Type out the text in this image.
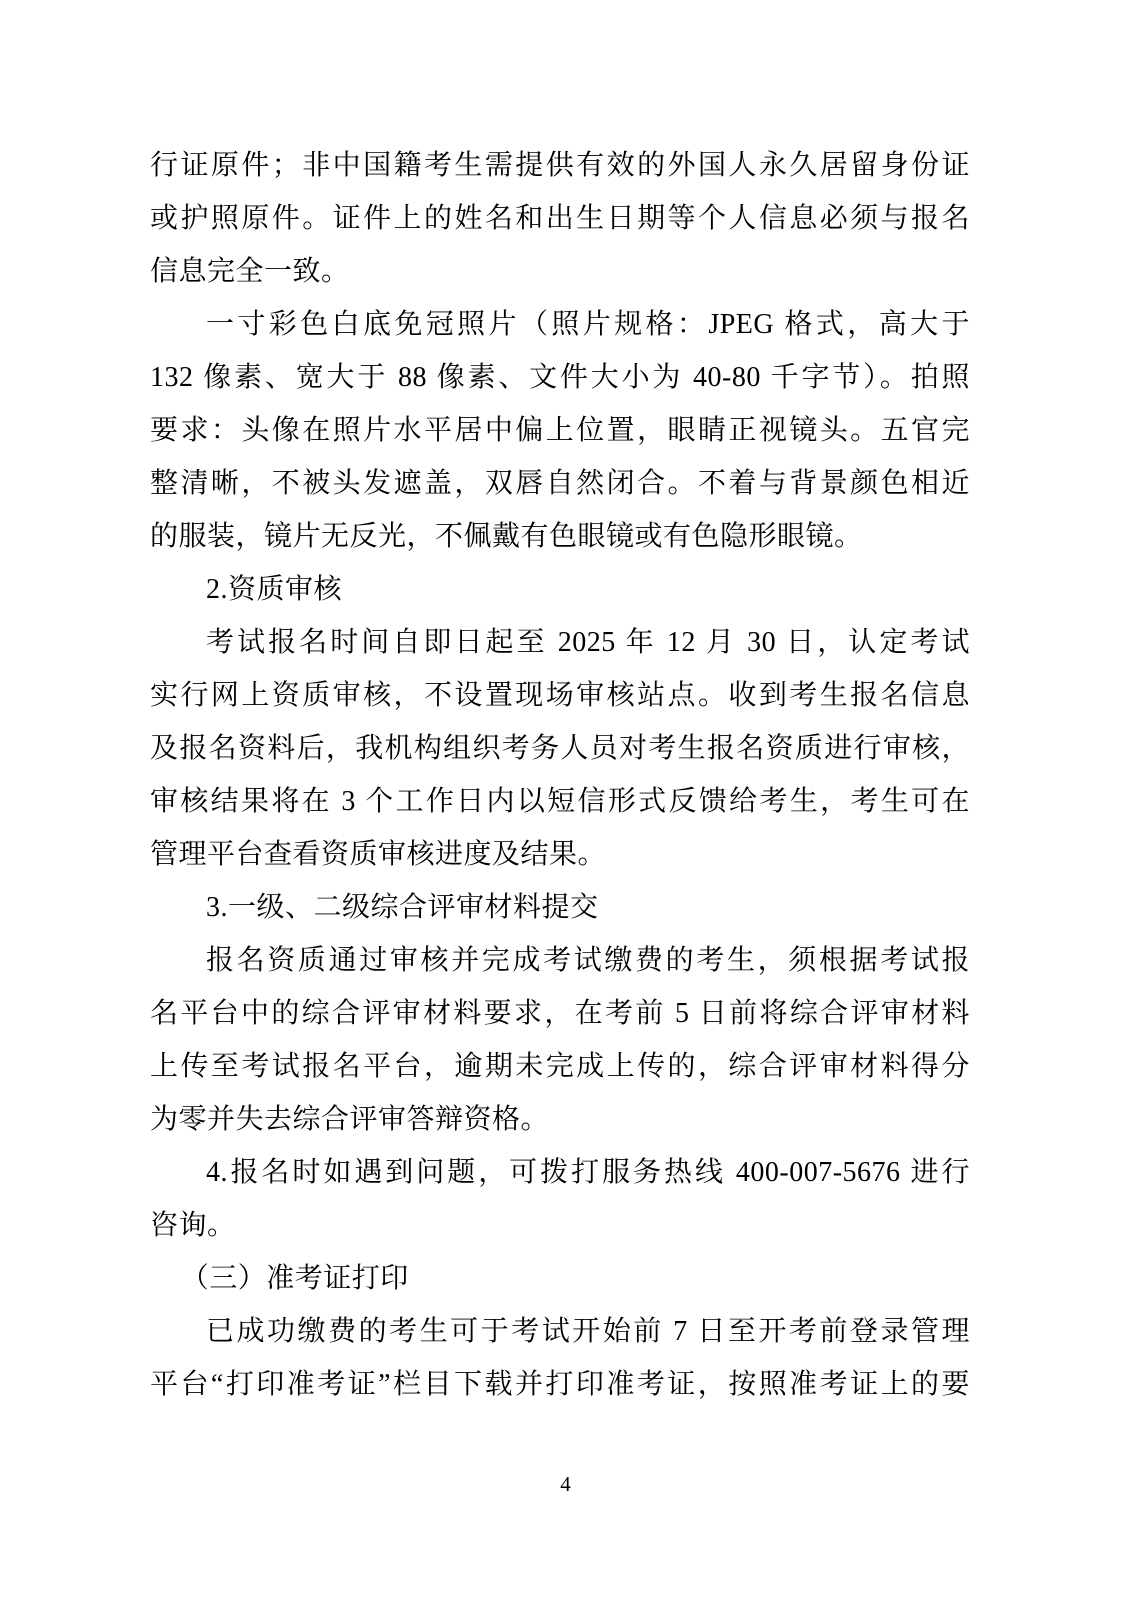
行证原件；非中国籍考生需提供有效的外国人永久居留身份证
或护照原件。证件上的姓名和出生日期等个人信息必须与报名
信息完全一致。
一寸彩色白底免冠照片（照片规格：JPEG 格式，高大于
132 像素、宽大于 88 像素、文件大小为 40-80 千字节）。拍照
要求：头像在照片水平居中偏上位置，眼睛正视镜头。五官完
整清晰，不被头发遮盖，双唇自然闭合。不着与背景颜色相近
的服装，镜片无反光，不佩戴有色眼镜或有色隐形眼镜。
2.资质审核
考试报名时间自即日起至 2025 年 12 月 30 日，认定考试
实行网上资质审核，不设置现场审核站点。收到考生报名信息
及报名资料后，我机构组织考务人员对考生报名资质进行审核，
审核结果将在 3 个工作日内以短信形式反馈给考生，考生可在
管理平台查看资质审核进度及结果。
3.一级、二级综合评审材料提交
报名资质通过审核并完成考试缴费的考生，须根据考试报
名平台中的综合评审材料要求，在考前 5 日前将综合评审材料
上传至考试报名平台，逾期未完成上传的，综合评审材料得分
为零并失去综合评审答辩资格。
4.报名时如遇到问题，可拨打服务热线 400-007-5676 进行
咨询。
（三）准考证打印
已成功缴费的考生可于考试开始前 7 日至开考前登录管理
平台“打印准考证”栏目下载并打印准考证，按照准考证上的要
4
